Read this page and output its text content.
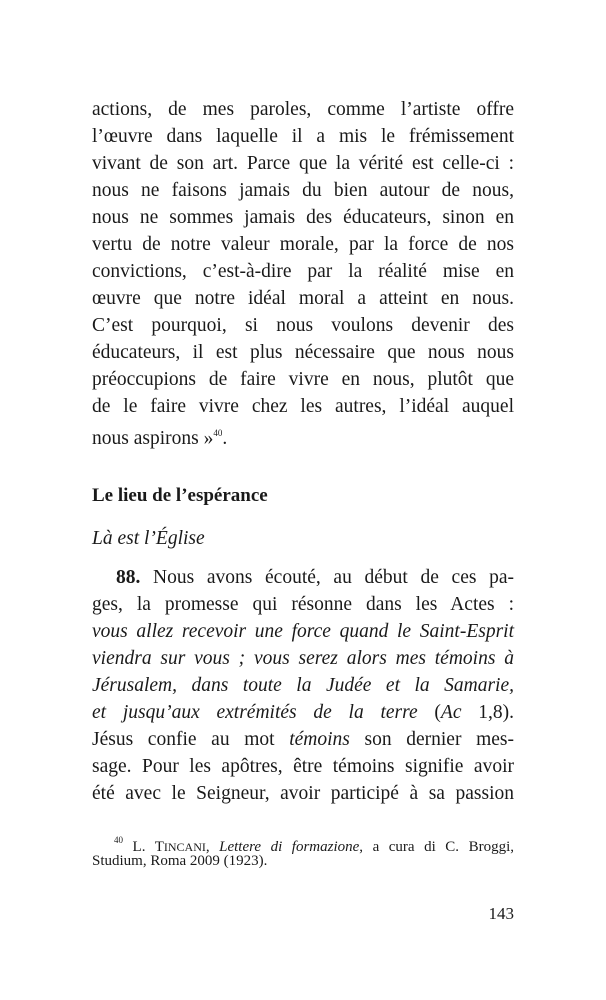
actions, de mes paroles, comme l’artiste offre
l’œuvre dans laquelle il a mis le frémissement
vivant de son art. Parce que la vérité est celle-ci :
nous ne faisons jamais du bien autour de nous,
nous ne sommes jamais des éducateurs, sinon en
vertu de notre valeur morale, par la force de nos
convictions, c’est-à-dire par la réalité mise en
œuvre que notre idéal moral a atteint en nous.
C’est pourquoi, si nous voulons devenir des
éducateurs, il est plus nécessaire que nous nous
préoccupions de faire vivre en nous, plutôt que
de le faire vivre chez les autres, l’idéal auquel
nous aspirons »$^{40}$.
Le lieu de l’espérance
Là est l’Église
88. Nous avons écouté, au début de ces pa-
ges, la promesse qui résonne dans les Actes :
vous allez recevoir une force quand le Saint-Esprit
viendra sur vous ; vous serez alors mes témoins à
Jérusalem, dans toute la Judée et la Samarie,
et jusqu’aux extrémités de la terre (Ac 1,8).
Jésus confie au mot témoins son dernier mes-
sage. Pour les apôtres, être témoins signifie avoir
été avec le Seigneur, avoir participé à sa passion
$^{40}$ L. TINCANI, Lettere di formazione, a cura di C. Broggi,
Studium, Roma 2009 (1923).
143
